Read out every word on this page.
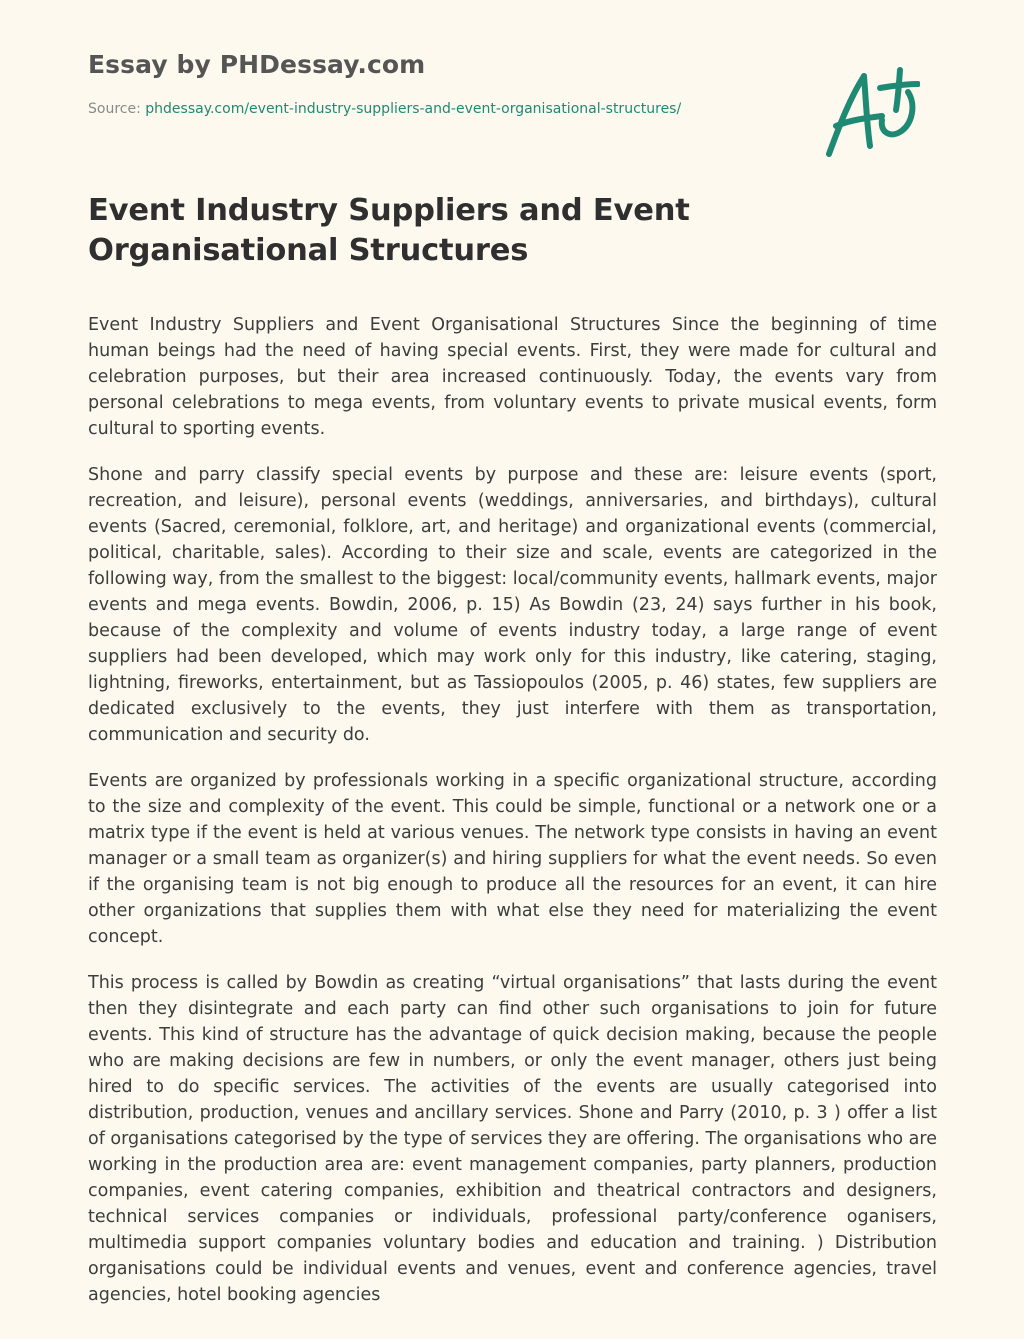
Essay by PHDessay.com
Source: phdessay.com/event-industry-suppliers-and-event-organisational-structures/
Event Industry Suppliers and Event Organisational Structures

Event Industry Suppliers and Event Organisational Structures Since the beginning of time human beings had the need of having special events. First, they were made for cultural and celebration purposes, but their area increased continuously. Today, the events vary from personal celebrations to mega events, from voluntary events to private musical events, form cultural to sporting events.

Shone and parry classify special events by purpose and these are: leisure events (sport, recreation, and leisure), personal events (weddings, anniversaries, and birthdays), cultural events (Sacred, ceremonial, folklore, art, and heritage) and organizational events (commercial, political, charitable, sales). According to their size and scale, events are categorized in the following way, from the smallest to the biggest: local/community events, hallmark events, major events and mega events. Bowdin, 2006, p. 15) As Bowdin (23, 24) says further in his book, because of the complexity and volume of events industry today, a large range of event suppliers had been developed, which may work only for this industry, like catering, staging, lightning, fireworks, entertainment, but as Tassiopoulos (2005, p. 46) states, few suppliers are dedicated exclusively to the events, they just interfere with them as transportation, communication and security do.

Events are organized by professionals working in a specific organizational structure, according to the size and complexity of the event. This could be simple, functional or a network one or a matrix type if the event is held at various venues. The network type consists in having an event manager or a small team as organizer(s) and hiring suppliers for what the event needs. So even if the organising team is not big enough to produce all the resources for an event, it can hire other organizations that supplies them with what else they need for materializing the event concept.

This process is called by Bowdin as creating “virtual organisations” that lasts during the event then they disintegrate and each party can find other such organisations to join for future events. This kind of structure has the advantage of quick decision making, because the people who are making decisions are few in numbers, or only the event manager, others just being hired to do specific services. The activities of the events are usually categorised into distribution, production, venues and ancillary services. Shone and Parry (2010, p. 3 ) offer a list of organisations categorised by the type of services they are offering. The organisations who are working in the production area are: event management companies, party planners, production companies, event catering companies, exhibition and theatrical contractors and designers, technical services companies or individuals, professional party/conference oganisers, multimedia support companies voluntary bodies and education and training. ) Distribution organisations could be individual events and venues, event and conference agencies, travel agencies, hotel booking agencies
